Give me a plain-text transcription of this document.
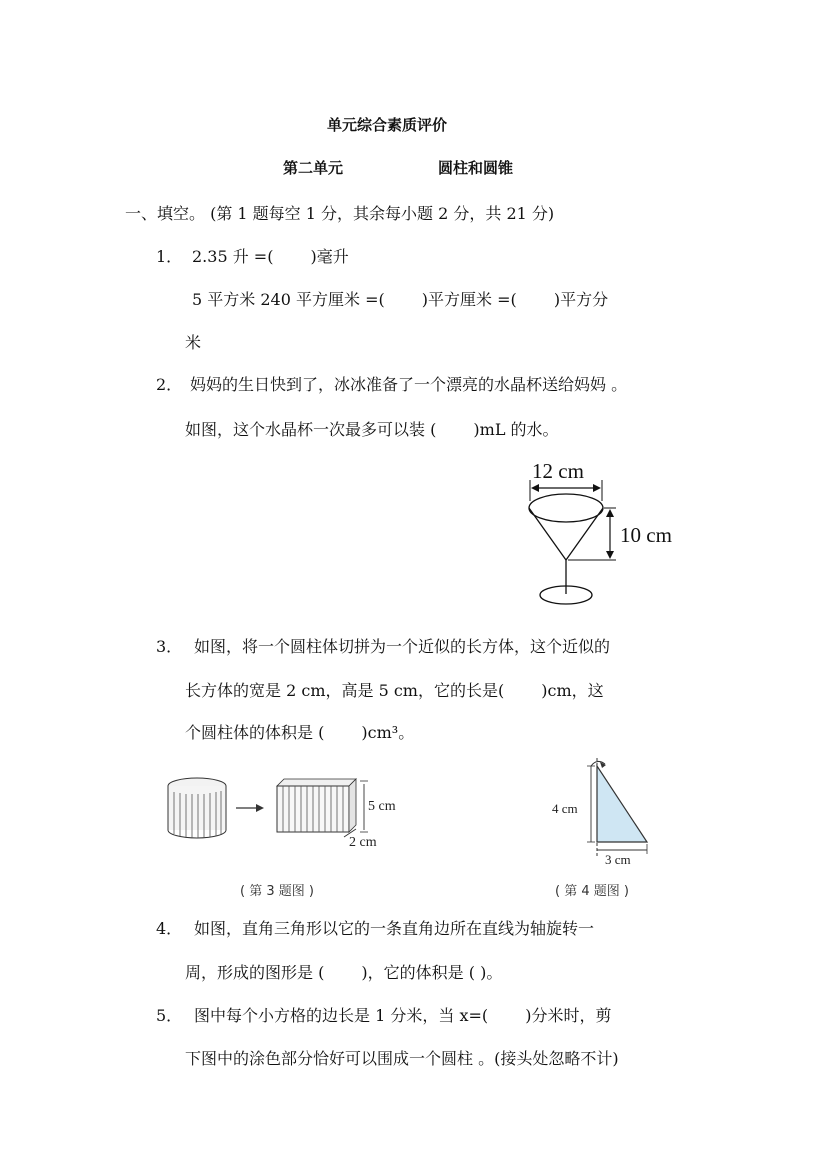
单元综合素质评价
第二单元	圆柱和圆锥
一、填空。 (第 1 题每空 1 分，其余每小题 2 分，共 21 分)
1． 2.35 升 =(　　 )毫升
5 平方米 240 平方厘米 =(　　 )平方厘米 =(　　 )平方分
米
2． 妈妈的生日快到了，冰冰准备了一个漂亮的水晶杯送给妈妈 。
如图，这个水晶杯一次最多可以装 (　　 )mL 的水。
12 cm
10 cm
3． 如图，将一个圆柱体切拼为一个近似的长方体，这个近似的
长方体的宽是 2 cm，高是 5 cm，它的长是(　　 )cm，这
个圆柱体的体积是 (　　 )cm³。
5 cm
2 cm
( 第 3 题图 )
4 cm
3 cm
( 第 4 题图 )
4． 如图，直角三角形以它的一条直角边所在直线为轴旋转一
周，形成的图形是 (　　 )，它的体积是 ( )。
5． 图中每个小方格的边长是 1 分米，当 x=(　　 )分米时，剪
下图中的涂色部分恰好可以围成一个圆柱 。(接头处忽略不计)
